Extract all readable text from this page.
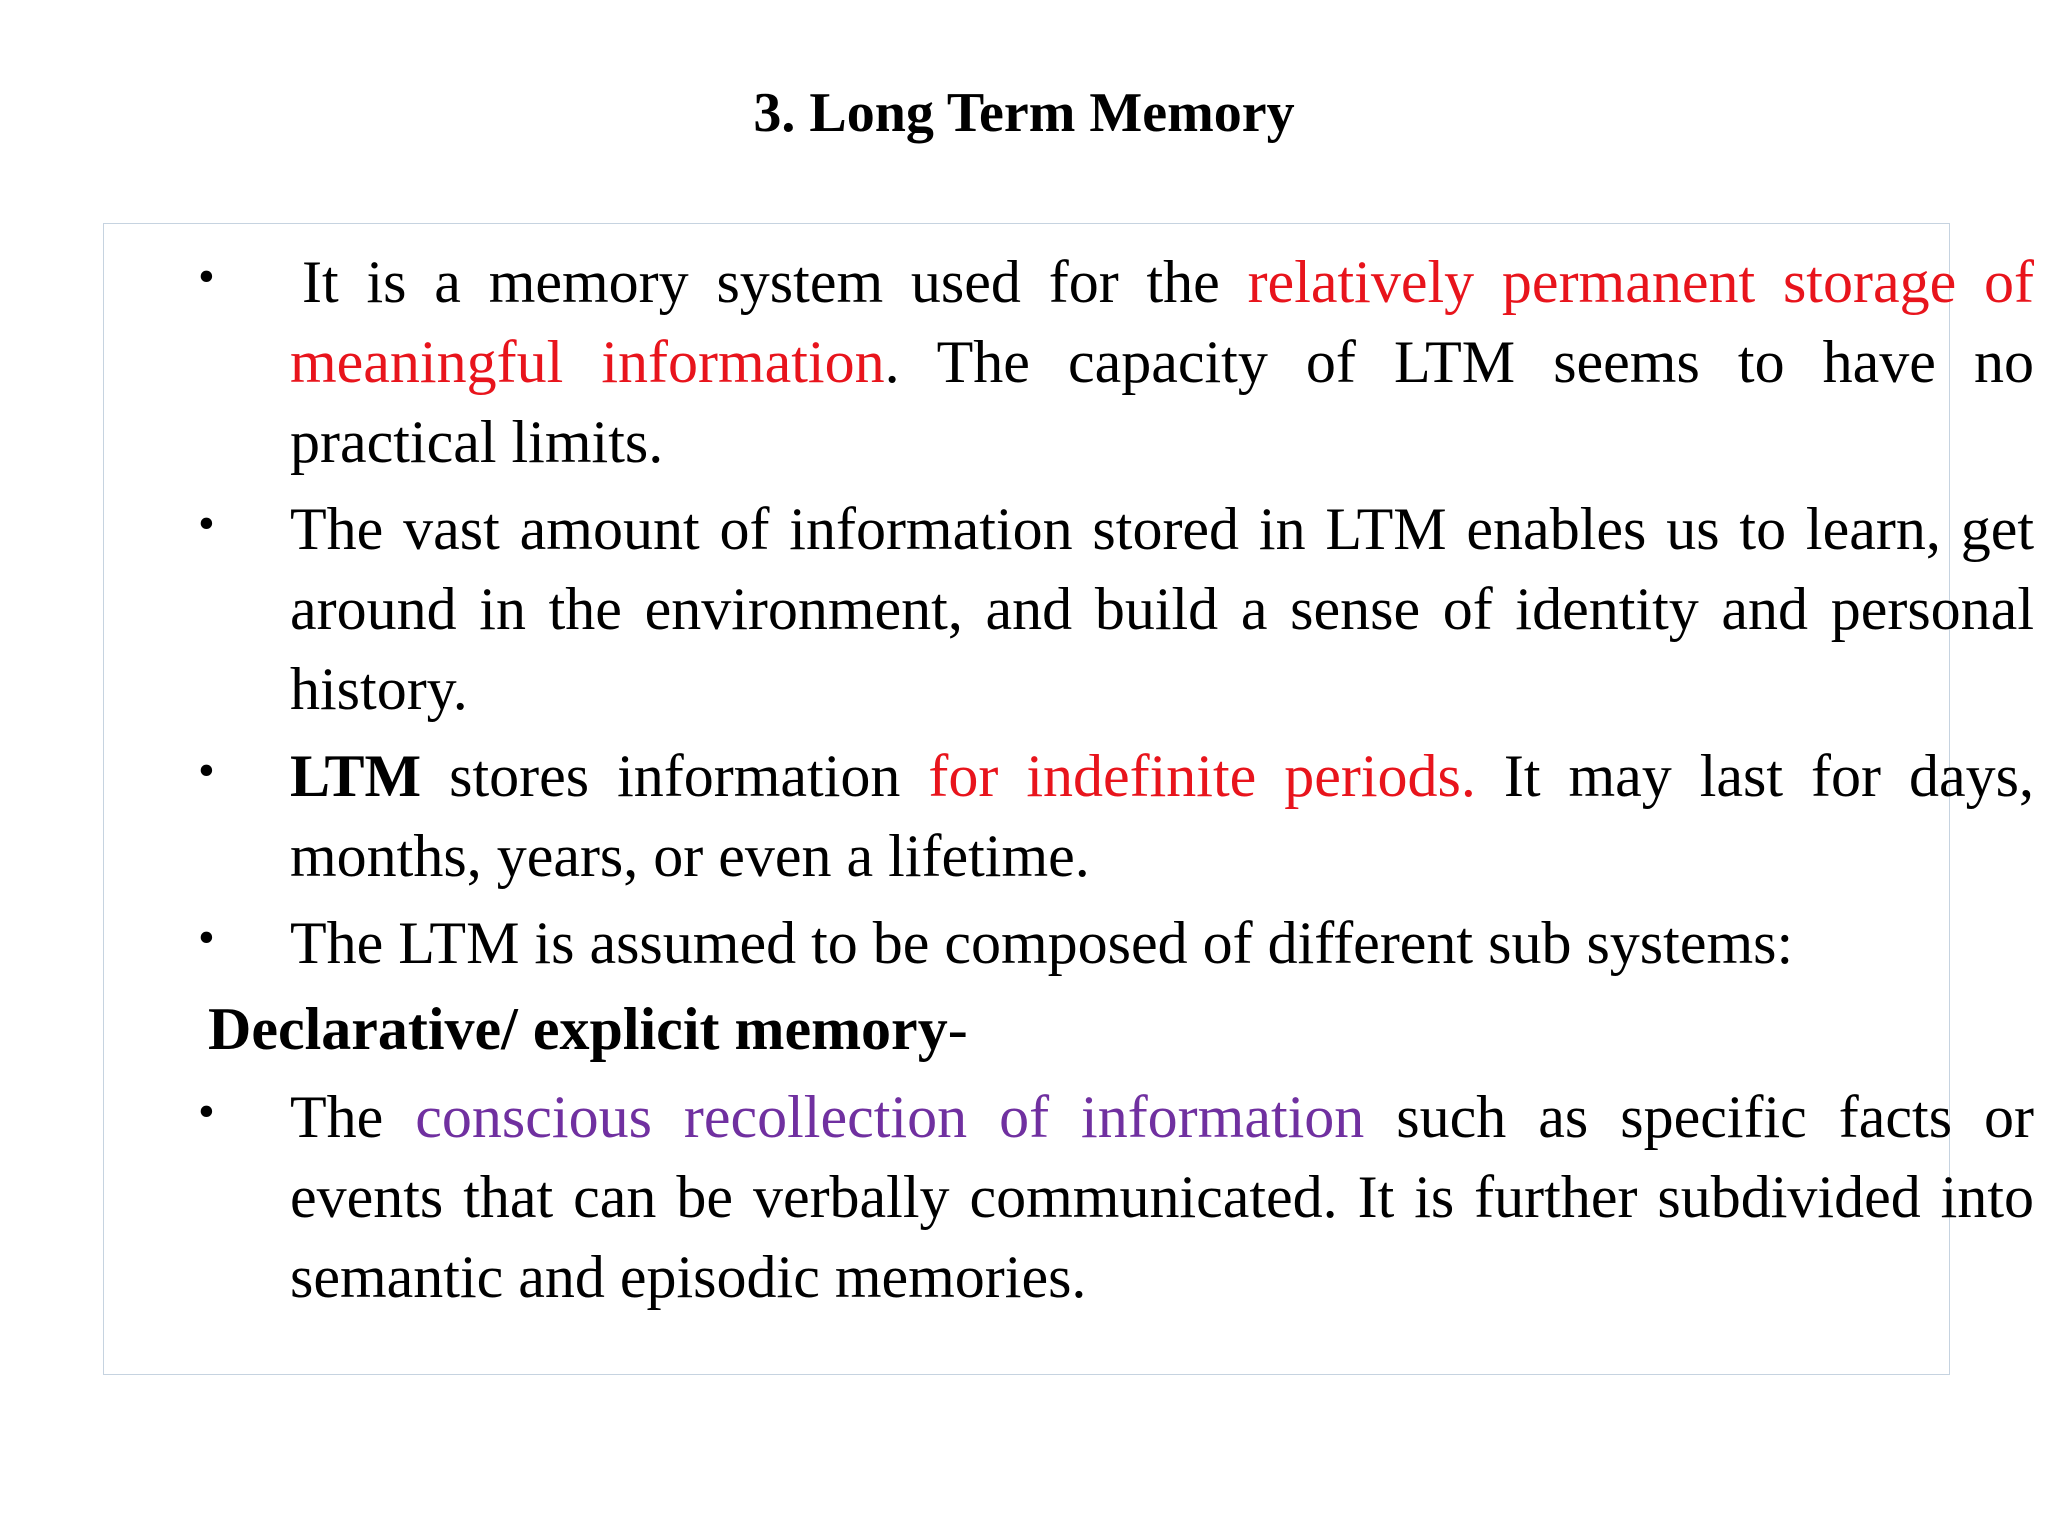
3. Long Term Memory
•	It is a memory system used for the relatively permanent storage of meaningful information. The capacity of LTM seems to have no practical limits.
•	The vast amount of information stored in LTM enables us to learn, get around in the environment, and build a sense of identity and personal history.
•	LTM stores information for indefinite periods. It may last for days, months, years, or even a lifetime.
•	The LTM is assumed to be composed of different sub systems:
Declarative/ explicit memory-
•	The conscious recollection of information such as specific facts or events that can be verbally communicated. It is further subdivided into semantic and episodic memories.
